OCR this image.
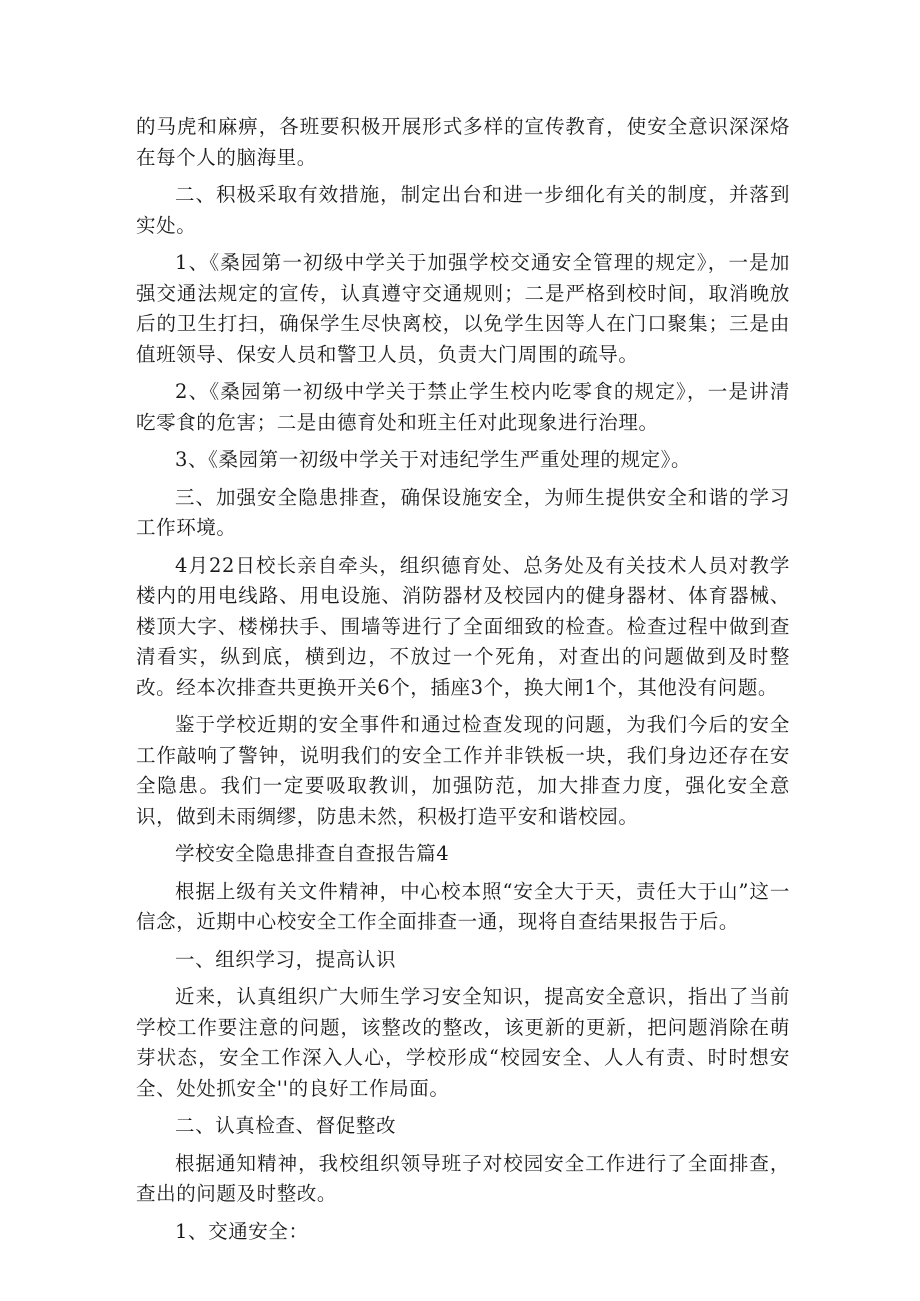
的马虎和麻痹，各班要积极开展形式多样的宣传教育，使安全意识深深烙在每个人的脑海里。

二、积极采取有效措施，制定出台和进一步细化有关的制度，并落到实处。

1、《桑园第一初级中学关于加强学校交通安全管理的规定》，一是加强交通法规定的宣传，认真遵守交通规则；二是严格到校时间，取消晚放后的卫生打扫，确保学生尽快离校，以免学生因等人在门口聚集；三是由值班领导、保安人员和警卫人员，负责大门周围的疏导。

2、《桑园第一初级中学关于禁止学生校内吃零食的规定》，一是讲清吃零食的危害；二是由德育处和班主任对此现象进行治理。

3、《桑园第一初级中学关于对违纪学生严重处理的规定》。

三、加强安全隐患排查，确保设施安全，为师生提供安全和谐的学习工作环境。

4月22日校长亲自牵头，组织德育处、总务处及有关技术人员对教学楼内的用电线路、用电设施、消防器材及校园内的健身器材、体育器械、楼顶大字、楼梯扶手、围墙等进行了全面细致的检查。检查过程中做到查清看实，纵到底，横到边，不放过一个死角，对查出的问题做到及时整改。经本次排查共更换开关6个，插座3个，换大闸1个，其他没有问题。

鉴于学校近期的安全事件和通过检查发现的问题，为我们今后的安全工作敲响了警钟，说明我们的安全工作并非铁板一块，我们身边还存在安全隐患。我们一定要吸取教训，加强防范，加大排查力度，强化安全意识，做到未雨绸缪，防患未然，积极打造平安和谐校园。

学校安全隐患排查自查报告篇4

根据上级有关文件精神，中心校本照“安全大于天，责任大于山”这一信念，近期中心校安全工作全面排查一通，现将自查结果报告于后。

一、组织学习，提高认识

近来，认真组织广大师生学习安全知识，提高安全意识，指出了当前学校工作要注意的问题，该整改的整改，该更新的更新，把问题消除在萌芽状态，安全工作深入人心，学校形成“校园安全、人人有责、时时想安全、处处抓安全''的良好工作局面。

二、认真检查、督促整改

根据通知精神，我校组织领导班子对校园安全工作进行了全面排查，查出的问题及时整改。

1、交通安全：
